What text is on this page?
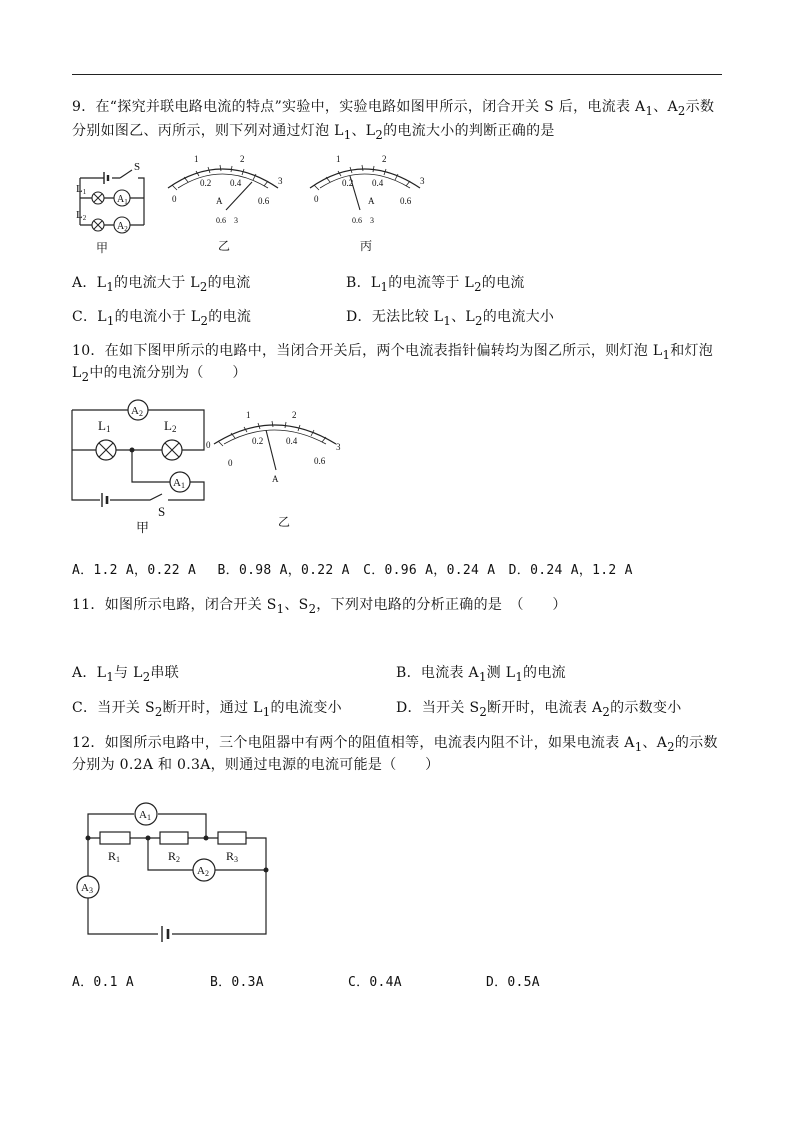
9．在“探究并联电路电流的特点”实验中，实验电路如图甲所示，闭合开关 S 后，电流表 $A_1$、$A_2$示数
分别如图乙、丙所示，则下列对通过灯泡 $L_1$、$L_2$的电流大小的判断正确的是
$A_1$
$A_2$
L1
L2
S
甲
1	2
3
0
0.2 0.4
0.6
A
0.6 3
乙
1	2
3
0
0.2 0.4
0.6
A
0.6 3
丙
A．$L_1$的电流大于 $L_2$的电流	B．$L_1$的电流等于 $L_2$的电流
C．$L_1$的电流小于 $L_2$的电流	D．无法比较 $L_1$、$L_2$的电流大小
10．在如下图甲所示的电路中，当闭合开关后，两个电流表指针偏转均为图乙所示，则灯泡 $L_1$和灯泡
$L_2$中的电流分别为（　　）
A2
A1
L1	L2
S
甲
1	2
3
0
0
0.2	0.4
0.6
A
乙
A．1.2 A，0.22 A　 B．0.98 A，0.22 A　C．0.96 A，0.24 A　D．0.24 A，1.2 A
11．如图所示电路，闭合开关 $S_1$、$S_2$，下列对电路的分析正确的是　（　　）
A．$L_1$与 $L_2$串联	B．电流表 $A_1$测 $L_1$的电流
C．当开关 $S_2$断开时，通过 $L_1$的电流变小	D．当开关 $S_2$断开时，电流表 $A_2$的示数变小
12．如图所示电路中，三个电阻器中有两个的阻值相等，电流表内阻不计，如果电流表 $A_1$、$A_2$的示数
分别为 0.2A 和 0.3A，则通过电源的电流可能是（　　）
A1
A2
A3
R1	R2	R3
A．0.1 A	B．0.3A	C．0.4A	D．0.5A
